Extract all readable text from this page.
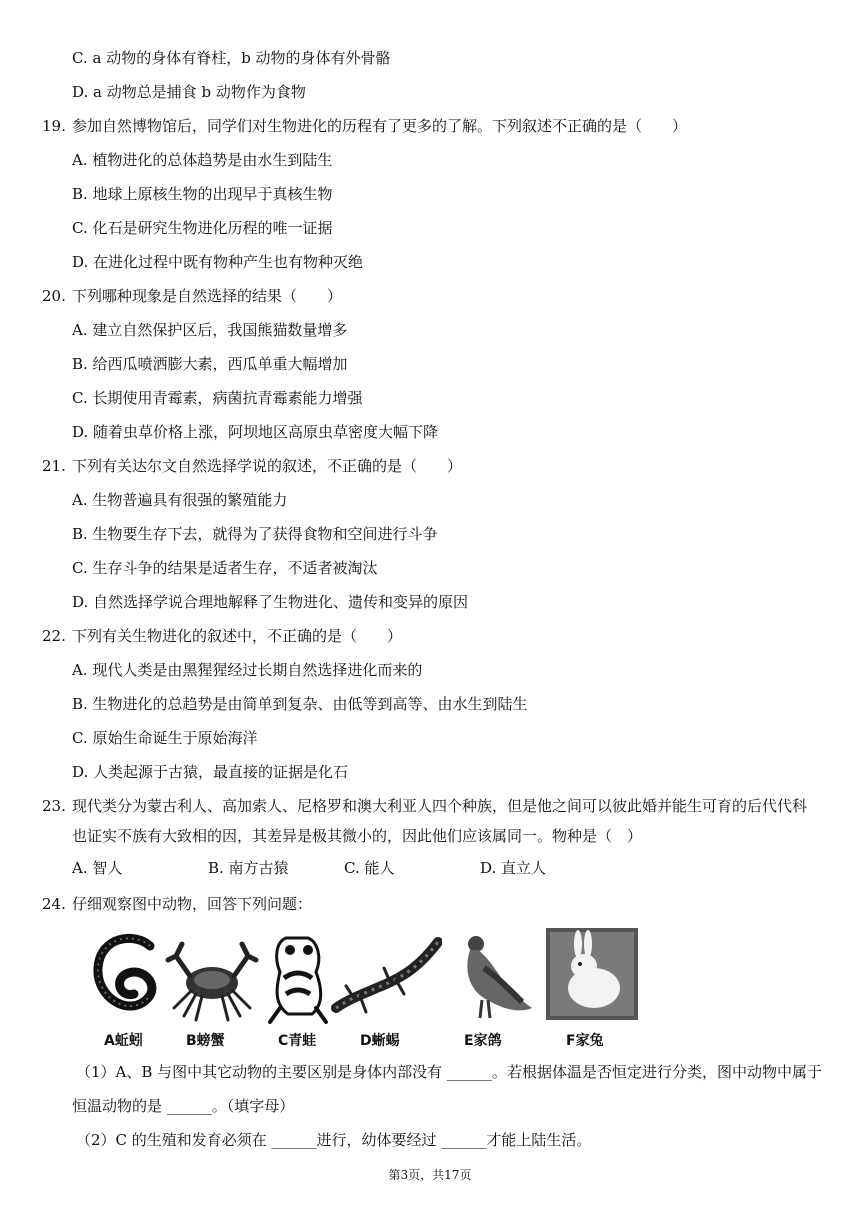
C. a 动物的身体有脊柱，b 动物的身体有外骨骼
D. a 动物总是捕食 b 动物作为食物
19. 参加自然博物馆后，同学们对生物进化的历程有了更多的了解。下列叙述不正确的是（　　）
A. 植物进化的总体趋势是由水生到陆生
B. 地球上原核生物的出现早于真核生物
C. 化石是研究生物进化历程的唯一证据
D. 在进化过程中既有物种产生也有物种灭绝
20. 下列哪种现象是自然选择的结果（　　）
A. 建立自然保护区后，我国熊猫数量增多
B. 给西瓜喷洒膨大素，西瓜单重大幅增加
C. 长期使用青霉素，病菌抗青霉素能力增强
D. 随着虫草价格上涨，阿坝地区高原虫草密度大幅下降
21. 下列有关达尔文自然选择学说的叙述，不正确的是（　　）
A. 生物普遍具有很强的繁殖能力
B. 生物要生存下去，就得为了获得食物和空间进行斗争
C. 生存斗争的结果是适者生存，不适者被淘汰
D. 自然选择学说合理地解释了生物进化、遗传和变异的原因
22. 下列有关生物进化的叙述中，不正确的是（　　）
A. 现代人类是由黑猩猩经过长期自然选择进化而来的
B. 生物进化的总趋势是由简单到复杂、由低等到高等、由水生到陆生
C. 原始生命诞生于原始海洋
D. 人类起源于古猿，最直接的证据是化石
23. 现代类分为蒙古利人、高加索人、尼格罗和澳大利亚人四个种族，但是他之间可以彼此婚并能生可育的后代代科
也证实不族有大致相的因，其差异是极其微小的，因此他们应该属同一。物种是（　）
A. 智人	B. 南方古猿	C. 能人	D. 直立人
24. 仔细观察图中动物，回答下列问题：
A蚯蚓	B螃蟹	C青蛙	D蜥蜴	E家鸽	F家兔
（1）A、B 与图中其它动物的主要区别是身体内部没有 ______。若根据体温是否恒定进行分类，图中动物中属于
恒温动物的是 ______。（填字母）
（2）C 的生殖和发育必须在 ______进行，幼体要经过 ______才能上陆生活。
第3页，共17页
